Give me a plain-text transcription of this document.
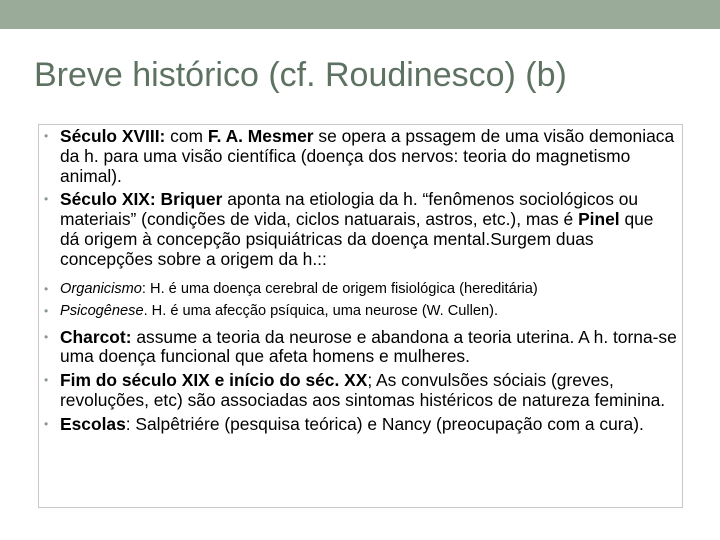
Breve histórico (cf. Roudinesco) (b)
• Século XVIII: com F. A. Mesmer se opera a pssagem de uma visão demoniaca da h. para uma visão científica (doença dos nervos: teoria do magnetismo animal).
• Século XIX: Briquer aponta na etiologia da h. “fenômenos sociológicos ou materiais” (condições de vida, ciclos natuarais, astros, etc.), mas é Pinel que dá origem à concepção psiquiátricas da doença mental.Surgem duas concepções sobre a origem da h.::
• Organicismo: H. é uma doença cerebral de origem fisiológica (hereditária)
• Psicogênese. H. é uma afecção psíquica, uma neurose (W. Cullen).
• Charcot: assume a teoria da neurose e abandona a teoria uterina. A h. torna-se uma doença funcional que afeta homens e mulheres.
• Fim do século XIX e início do séc. XX; As convulsões sóciais (greves, revoluções, etc) são associadas aos sintomas histéricos de natureza feminina.
• Escolas: Salpêtriére (pesquisa teórica) e Nancy (preocupação com a cura).
